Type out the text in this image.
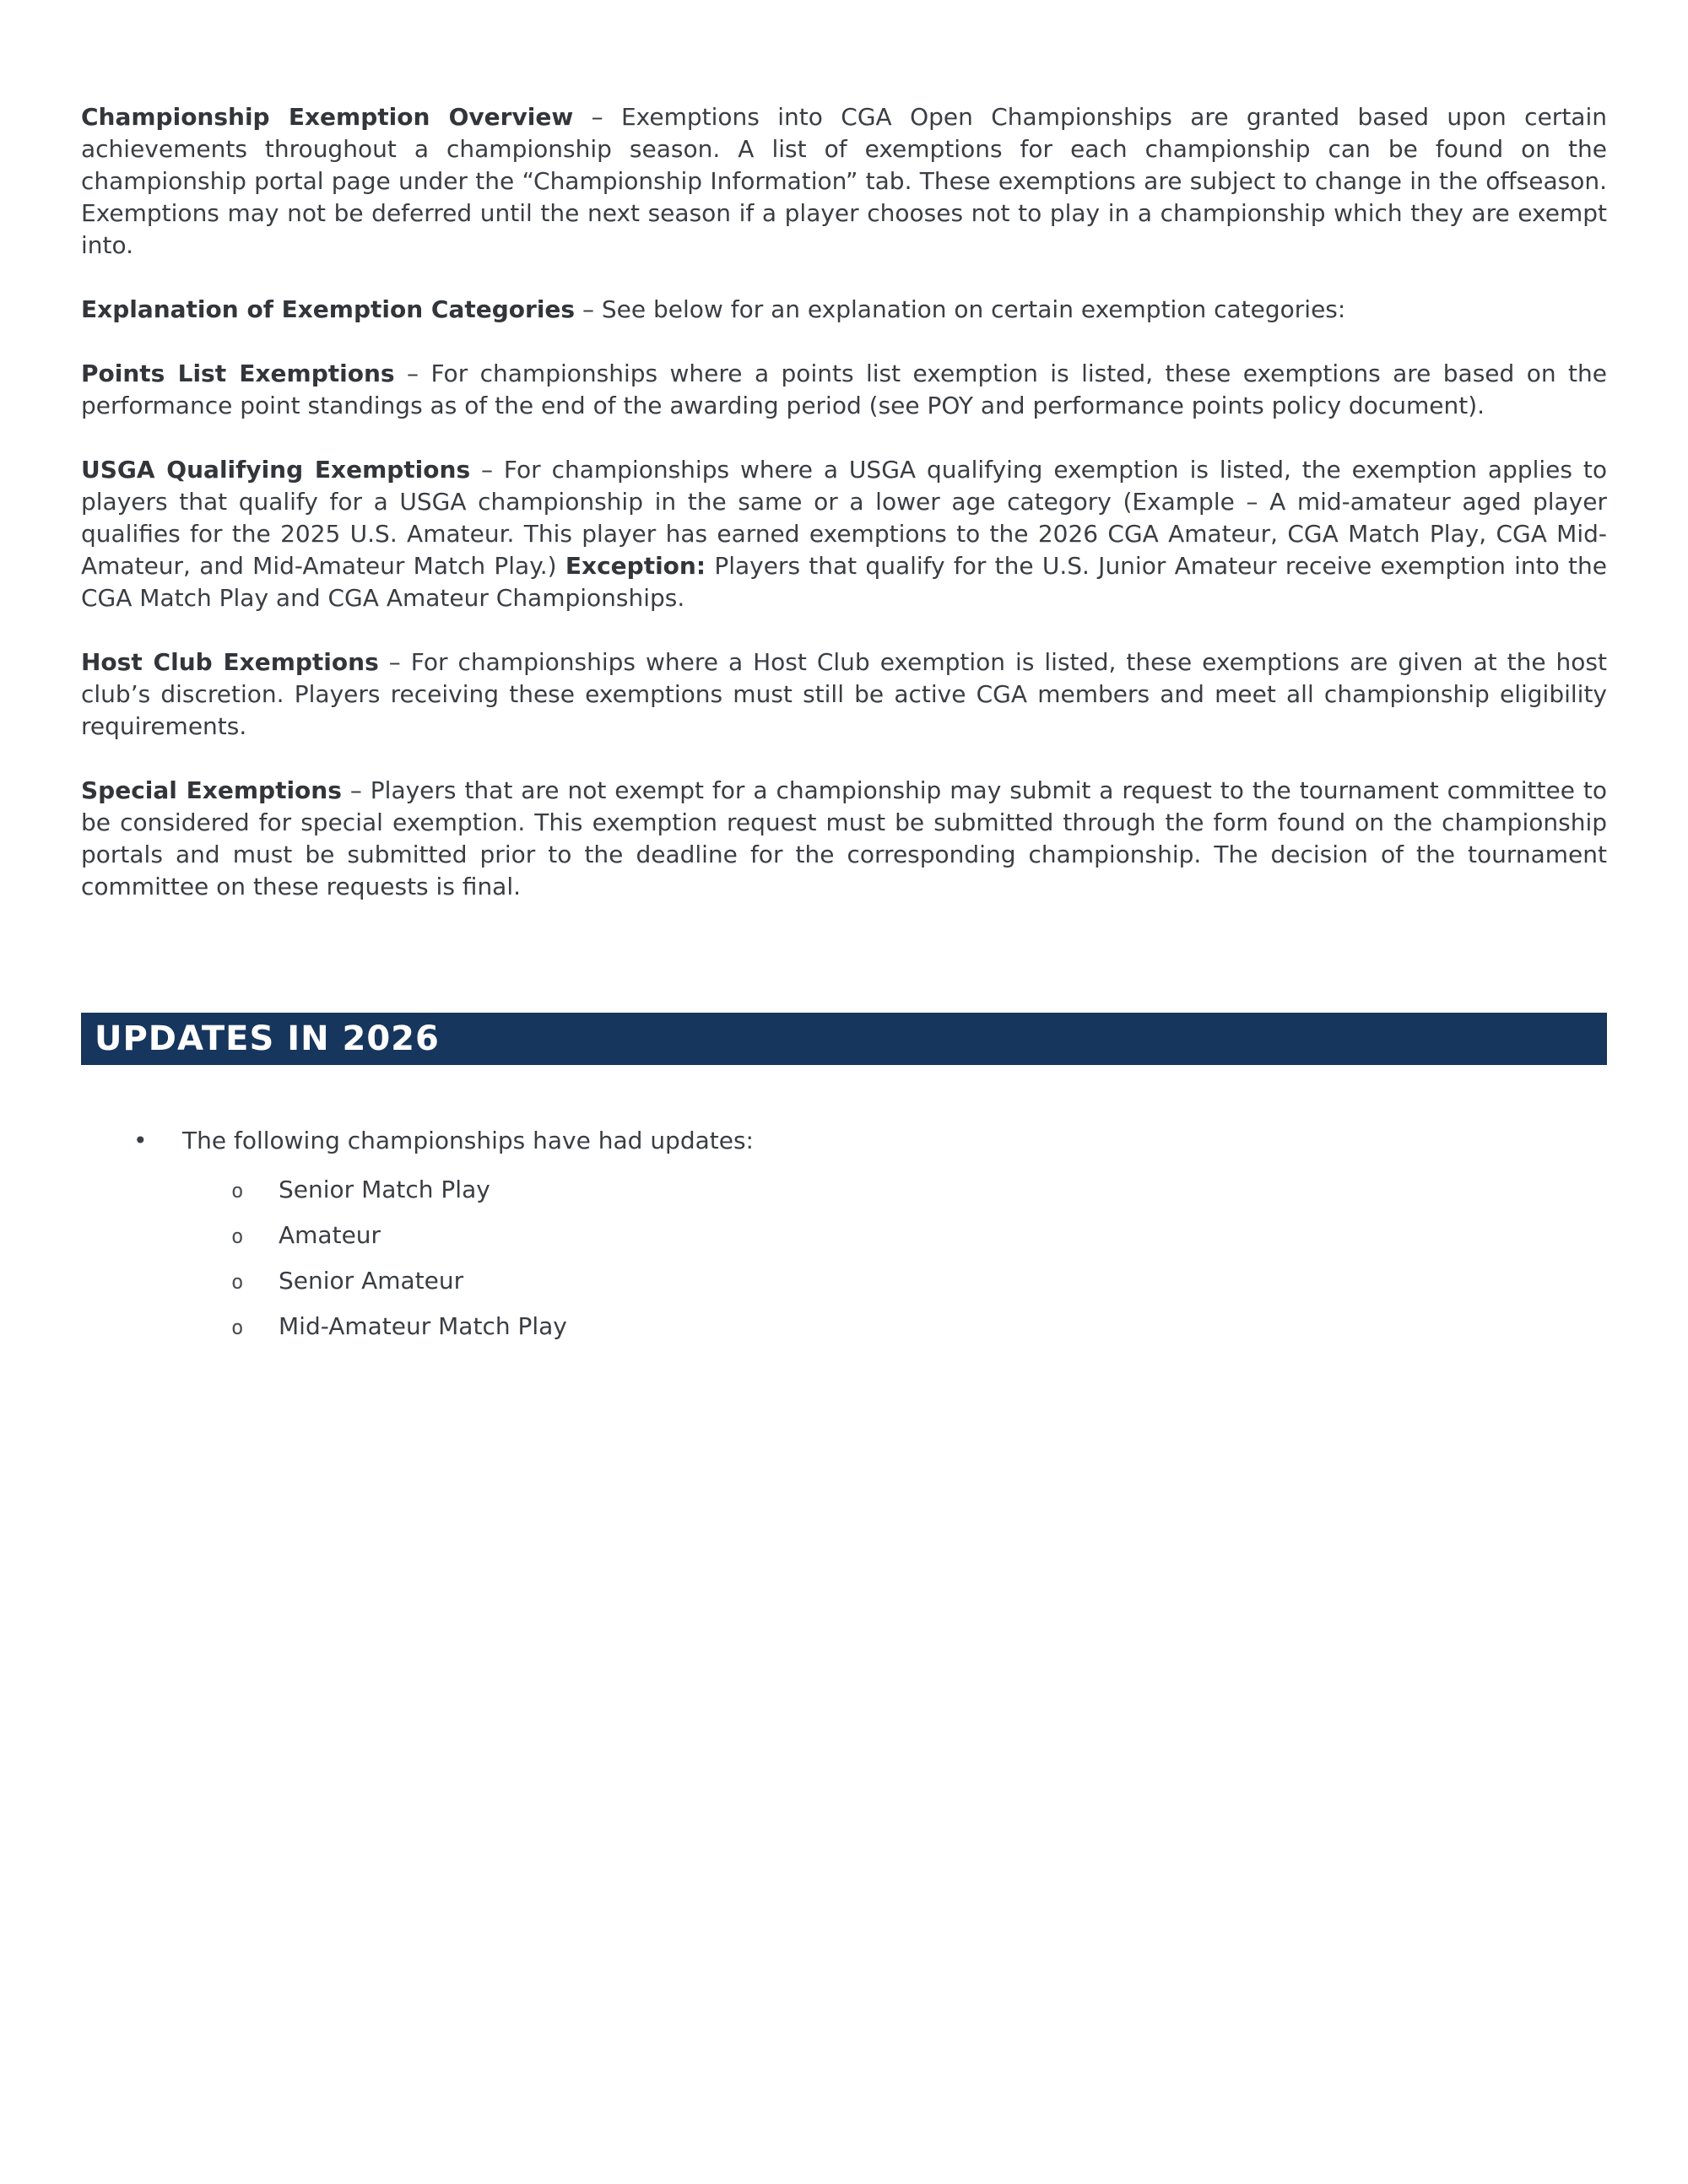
Championship Exemption Overview – Exemptions into CGA Open Championships are granted based upon certain achievements throughout a championship season. A list of exemptions for each championship can be found on the championship portal page under the “Championship Information” tab. These exemptions are subject to change in the offseason. Exemptions may not be deferred until the next season if a player chooses not to play in a championship which they are exempt into.

Explanation of Exemption Categories – See below for an explanation on certain exemption categories:

Points List Exemptions – For championships where a points list exemption is listed, these exemptions are based on the performance point standings as of the end of the awarding period (see POY and performance points policy document).

USGA Qualifying Exemptions – For championships where a USGA qualifying exemption is listed, the exemption applies to players that qualify for a USGA championship in the same or a lower age category (Example – A mid-amateur aged player qualifies for the 2025 U.S. Amateur. This player has earned exemptions to the 2026 CGA Amateur, CGA Match Play, CGA Mid-Amateur, and Mid-Amateur Match Play.) Exception: Players that qualify for the U.S. Junior Amateur receive exemption into the CGA Match Play and CGA Amateur Championships.

Host Club Exemptions – For championships where a Host Club exemption is listed, these exemptions are given at the host club’s discretion. Players receiving these exemptions must still be active CGA members and meet all championship eligibility requirements.

Special Exemptions – Players that are not exempt for a championship may submit a request to the tournament committee to be considered for special exemption. This exemption request must be submitted through the form found on the championship portals and must be submitted prior to the deadline for the corresponding championship. The decision of the tournament committee on these requests is final.

UPDATES IN 2026
•	The following championships have had updates:
o	Senior Match Play
o	Amateur
o	Senior Amateur
o	Mid-Amateur Match Play
